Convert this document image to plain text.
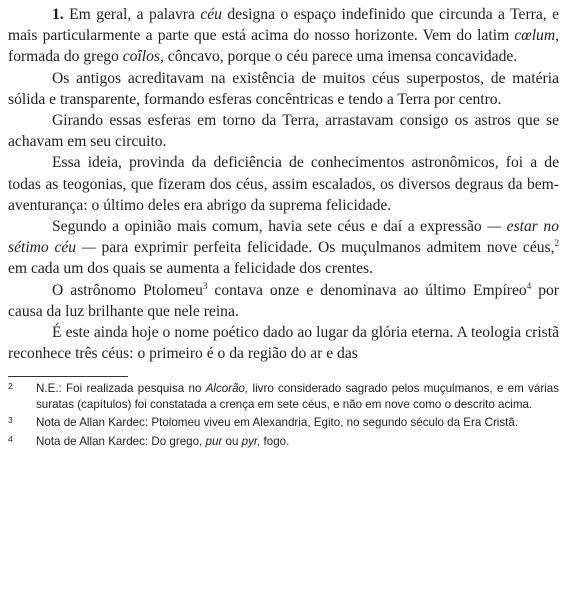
1. Em geral, a palavra céu designa o espaço indefinido que circunda a Terra, e mais particularmente a parte que está acima do nosso horizonte. Vem do latim cœlum, formada do grego coîlos, côncavo, porque o céu parece uma imensa concavidade.

Os antigos acreditavam na existência de muitos céus superpostos, de matéria sólida e transparente, formando esferas concêntricas e tendo a Terra por centro.

Girando essas esferas em torno da Terra, arrastavam consigo os astros que se achavam em seu circuito.

Essa ideia, provinda da deficiência de conhecimentos astronômicos, foi a de todas as teogonias, que fizeram dos céus, assim escalados, os diversos degraus da bem-aventurança: o último deles era abrigo da suprema felicidade.

Segundo a opinião mais comum, havia sete céus e daí a expressão — estar no sétimo céu — para exprimir perfeita felicidade. Os muçulmanos admitem nove céus,$^2$ em cada um dos quais se aumenta a felicidade dos crentes.

O astrônomo Ptolomeu$^3$ contava onze e denominava ao último Empíreo$^4$ por causa da luz brilhante que nele reina.

É este ainda hoje o nome poético dado ao lugar da glória eterna. A teologia cristã reconhece três céus: o primeiro é o da região do ar e das

2 N.E.: Foi realizada pesquisa no Alcorão, livro considerado sagrado pelos muçulmanos, e em várias suratas (capítulos) foi constatada a crença em sete céus, e não em nove como o descrito acima.

3 Nota de Allan Kardec: Ptolomeu viveu em Alexandria, Egito, no segundo século da Era Cristã.

4 Nota de Allan Kardec: Do grego, pur ou pyr, fogo.
